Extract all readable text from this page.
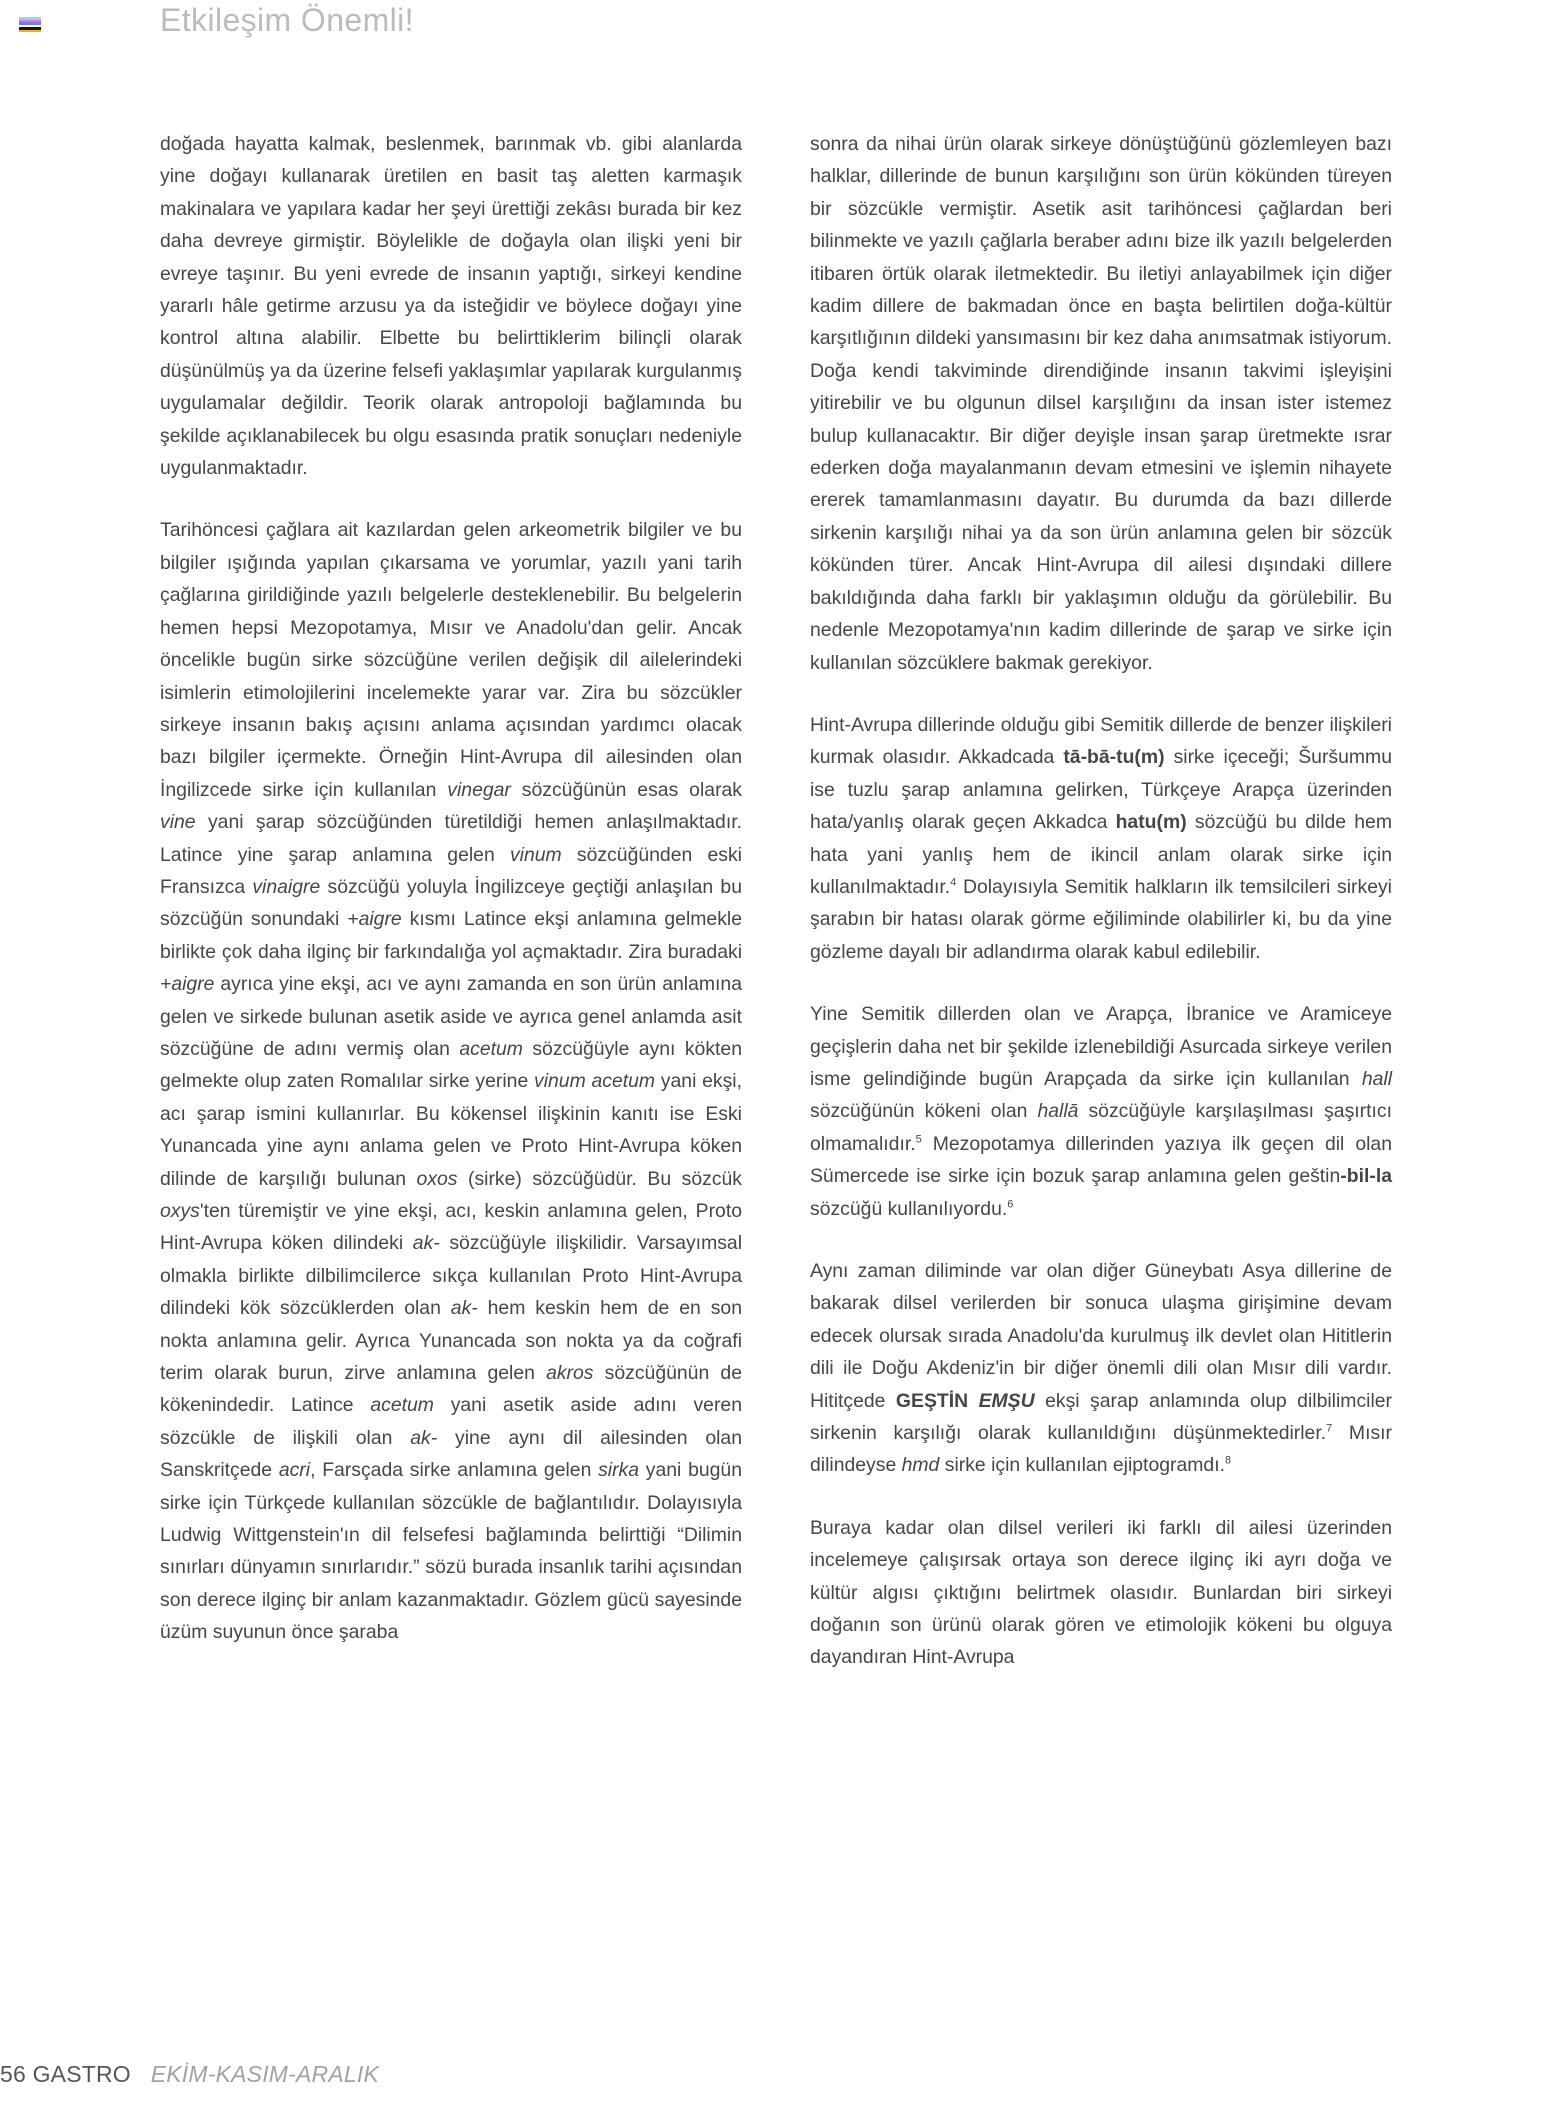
Etkileşim Önemli!

doğada hayatta kalmak, beslenmek, barınmak vb. gibi alanlarda yine doğayı kullanarak üretilen en basit taş aletten karmaşık makinalara ve yapılara kadar her şeyi ürettiği zekâsı burada bir kez daha devreye girmiştir. Böylelikle de doğayla olan ilişki yeni bir evreye taşınır. Bu yeni evrede de insanın yaptığı, sirkeyi kendine yararlı hâle getirme arzusu ya da isteğidir ve böylece doğayı yine kontrol altına alabilir. Elbette bu belirttiklerim bilinçli olarak düşünülmüş ya da üzerine felsefi yaklaşımlar yapılarak kurgulanmış uygulamalar değildir. Teorik olarak antropoloji bağlamında bu şekilde açıklanabilecek bu olgu esasında pratik sonuçları nedeniyle uygulanmaktadır.

Tarihöncesi çağlara ait kazılardan gelen arkeometrik bilgiler ve bu bilgiler ışığında yapılan çıkarsama ve yorumlar, yazılı yani tarih çağlarına girildiğinde yazılı belgelerle desteklenebilir. Bu belgelerin hemen hepsi Mezopotamya, Mısır ve Anadolu'dan gelir. Ancak öncelikle bugün sirke sözcüğüne verilen değişik dil ailelerindeki isimlerin etimolojilerini incelemekte yarar var. Zira bu sözcükler sirkeye insanın bakış açısını anlama açısından yardımcı olacak bazı bilgiler içermekte. Örneğin Hint-Avrupa dil ailesinden olan İngilizcede sirke için kullanılan vinegar sözcüğünün esas olarak vine yani şarap sözcüğünden türetildiği hemen anlaşılmaktadır. Latince yine şarap anlamına gelen vinum sözcüğünden eski Fransızca vinaigre sözcüğü yoluyla İngilizceye geçtiği anlaşılan bu sözcüğün sonundaki +aigre kısmı Latince ekşi anlamına gelmekle birlikte çok daha ilginç bir farkındalığa yol açmaktadır. Zira buradaki +aigre ayrıca yine ekşi, acı ve aynı zamanda en son ürün anlamına gelen ve sirkede bulunan asetik aside ve ayrıca genel anlamda asit sözcüğüne de adını vermiş olan acetum sözcüğüyle aynı kökten gelmekte olup zaten Romalılar sirke yerine vinum acetum yani ekşi, acı şarap ismini kullanırlar. Bu kökensel ilişkinin kanıtı ise Eski Yunancada yine aynı anlama gelen ve Proto Hint-Avrupa köken dilinde de karşılığı bulunan oxos (sirke) sözcüğüdür. Bu sözcük oxys'ten türemiştir ve yine ekşi, acı, keskin anlamına gelen, Proto Hint-Avrupa köken dilindeki ak- sözcüğüyle ilişkilidir. Varsayımsal olmakla birlikte dilbilimcilerce sıkça kullanılan Proto Hint-Avrupa dilindeki kök sözcüklerden olan ak- hem keskin hem de en son nokta anlamına gelir. Ayrıca Yunancada son nokta ya da coğrafi terim olarak burun, zirve anlamına gelen akros sözcüğünün de kökenindedir. Latince acetum yani asetik aside adını veren sözcükle de ilişkili olan ak- yine aynı dil ailesinden olan Sanskritçede acri, Farsçada sirke anlamına gelen sirka yani bugün sirke için Türkçede kullanılan sözcükle de bağlantılıdır. Dolayısıyla Ludwig Wittgenstein'ın dil felsefesi bağlamında belirttiği “Dilimin sınırları dünyamın sınırlarıdır.” sözü burada insanlık tarihi açısından son derece ilginç bir anlam kazanmaktadır. Gözlem gücü sayesinde üzüm suyunun önce şaraba

sonra da nihai ürün olarak sirkeye dönüştüğünü gözlemleyen bazı halklar, dillerinde de bunun karşılığını son ürün kökünden türeyen bir sözcükle vermiştir. Asetik asit tarihöncesi çağlardan beri bilinmekte ve yazılı çağlarla beraber adını bize ilk yazılı belgelerden itibaren örtük olarak iletmektedir. Bu iletiyi anlayabilmek için diğer kadim dillere de bakmadan önce en başta belirtilen doğa-kültür karşıtlığının dildeki yansımasını bir kez daha anımsatmak istiyorum. Doğa kendi takviminde direndiğinde insanın takvimi işleyişini yitirebilir ve bu olgunun dilsel karşılığını da insan ister istemez bulup kullanacaktır. Bir diğer deyişle insan şarap üretmekte ısrar ederken doğa mayalanmanın devam etmesini ve işlemin nihayete ererek tamamlanmasını dayatır. Bu durumda da bazı dillerde sirkenin karşılığı nihai ya da son ürün anlamına gelen bir sözcük kökünden türer. Ancak Hint-Avrupa dil ailesi dışındaki dillere bakıldığında daha farklı bir yaklaşımın olduğu da görülebilir. Bu nedenle Mezopotamya'nın kadim dillerinde de şarap ve sirke için kullanılan sözcüklere bakmak gerekiyor.

Hint-Avrupa dillerinde olduğu gibi Semitik dillerde de benzer ilişkileri kurmak olasıdır. Akkadcada tā-bā-tu(m) sirke içeceği; Šuršummu ise tuzlu şarap anlamına gelirken, Türkçeye Arapça üzerinden hata/yanlış olarak geçen Akkadca hatu(m) sözcüğü bu dilde hem hata yani yanlış hem de ikincil anlam olarak sirke için kullanılmaktadır.$^4$ Dolayısıyla Semitik halkların ilk temsilcileri sirkeyi şarabın bir hatası olarak görme eğiliminde olabilirler ki, bu da yine gözleme dayalı bir adlandırma olarak kabul edilebilir.

Yine Semitik dillerden olan ve Arapça, İbranice ve Aramiceye geçişlerin daha net bir şekilde izlenebildiği Asurcada sirkeye verilen isme gelindiğinde bugün Arapçada da sirke için kullanılan hall sözcüğünün kökeni olan hallā sözcüğüyle karşılaşılması şaşırtıcı olmamalıdır.$^5$ Mezopotamya dillerinden yazıya ilk geçen dil olan Sümercede ise sirke için bozuk şarap anlamına gelen geštin-bil-la sözcüğü kullanılıyordu.$^6$

Aynı zaman diliminde var olan diğer Güneybatı Asya dillerine de bakarak dilsel verilerden bir sonuca ulaşma girişimine devam edecek olursak sırada Anadolu'da kurulmuş ilk devlet olan Hititlerin dili ile Doğu Akdeniz'in bir diğer önemli dili olan Mısır dili vardır. Hititçede GEŞTİN EMŞU ekşi şarap anlamında olup dilbilimciler sirkenin karşılığı olarak kullanıldığını düşünmektedirler.$^7$ Mısır dilindeyse hmd sirke için kullanılan ejiptogramdı.$^8$

Buraya kadar olan dilsel verileri iki farklı dil ailesi üzerinden incelemeye çalışırsak ortaya son derece ilginç iki ayrı doğa ve kültür algısı çıktığını belirtmek olasıdır. Bunlardan biri sirkeyi doğanın son ürünü olarak gören ve etimolojik kökeni bu olguya dayandıran Hint-Avrupa

56 GASTRO EKİM-KASIM-ARALIK
